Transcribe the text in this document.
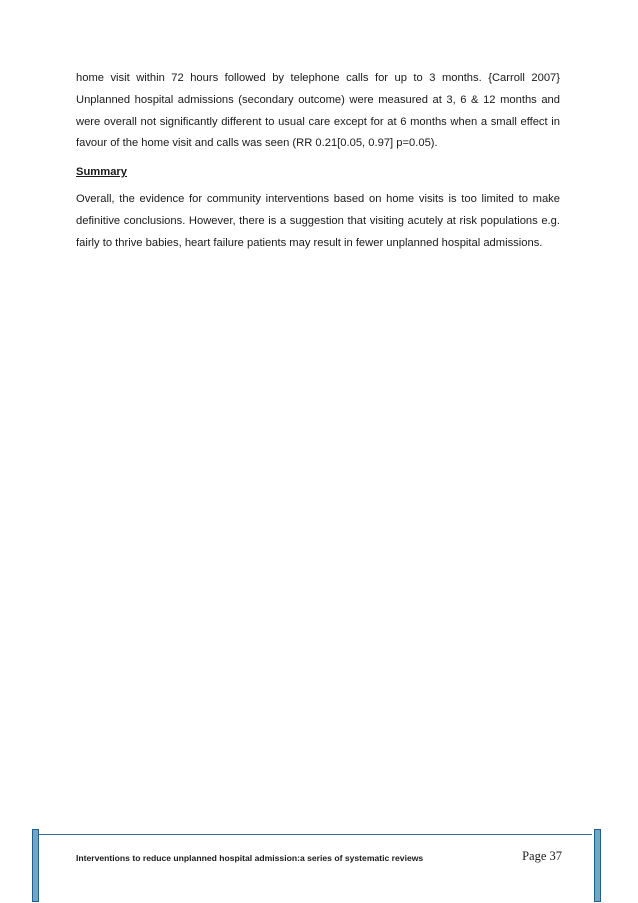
home visit within 72 hours followed by telephone calls for up to 3 months. {Carroll 2007} Unplanned hospital admissions (secondary outcome) were measured at 3, 6 & 12 months and were overall not significantly different to usual care except for at 6 months when a small effect in favour of the home visit and calls was seen (RR 0.21[0.05, 0.97] p=0.05).

Summary

Overall, the evidence for community interventions based on home visits is too limited to make definitive conclusions. However, there is a suggestion that visiting acutely at risk populations e.g. fairly to thrive babies, heart failure patients may result in fewer unplanned hospital admissions.

Interventions to reduce unplanned hospital admission:a series of systematic reviews	Page 37
